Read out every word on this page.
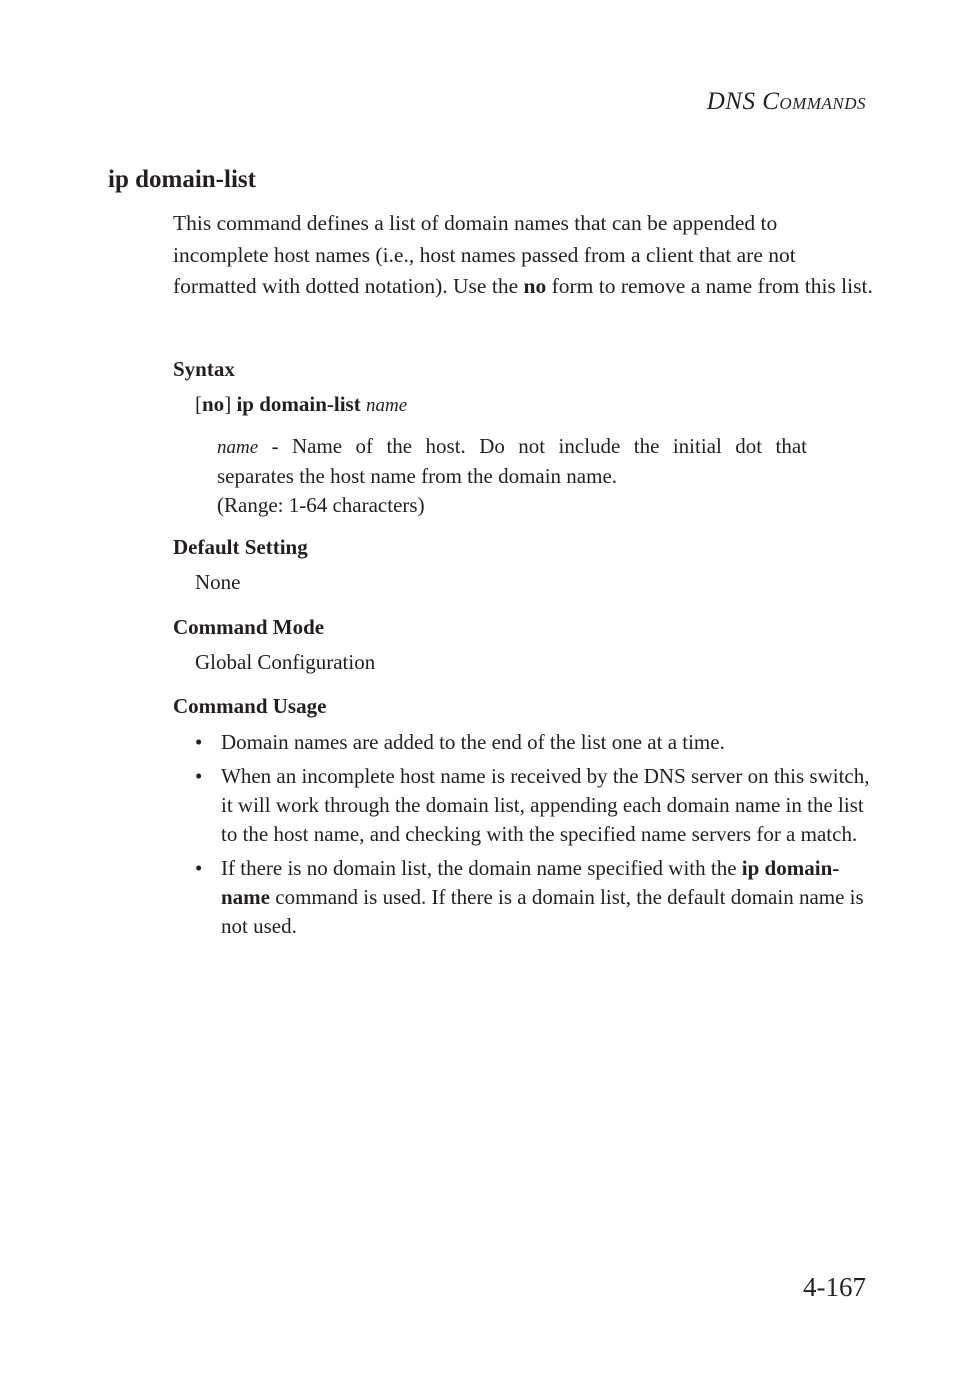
DNS COMMANDS
ip domain-list
This command defines a list of domain names that can be appended to incomplete host names (i.e., host names passed from a client that are not formatted with dotted notation). Use the no form to remove a name from this list.
Syntax
[no] ip domain-list name
name - Name of the host. Do not include the initial dot that
separates the host name from the domain name.
(Range: 1-64 characters)
Default Setting
None
Command Mode
Global Configuration
Command Usage
• Domain names are added to the end of the list one at a time.
• When an incomplete host name is received by the DNS server on this switch, it will work through the domain list, appending each domain name in the list to the host name, and checking with the specified name servers for a match.
• If there is no domain list, the domain name specified with the ip domain-name command is used. If there is a domain list, the default domain name is not used.
4-167
